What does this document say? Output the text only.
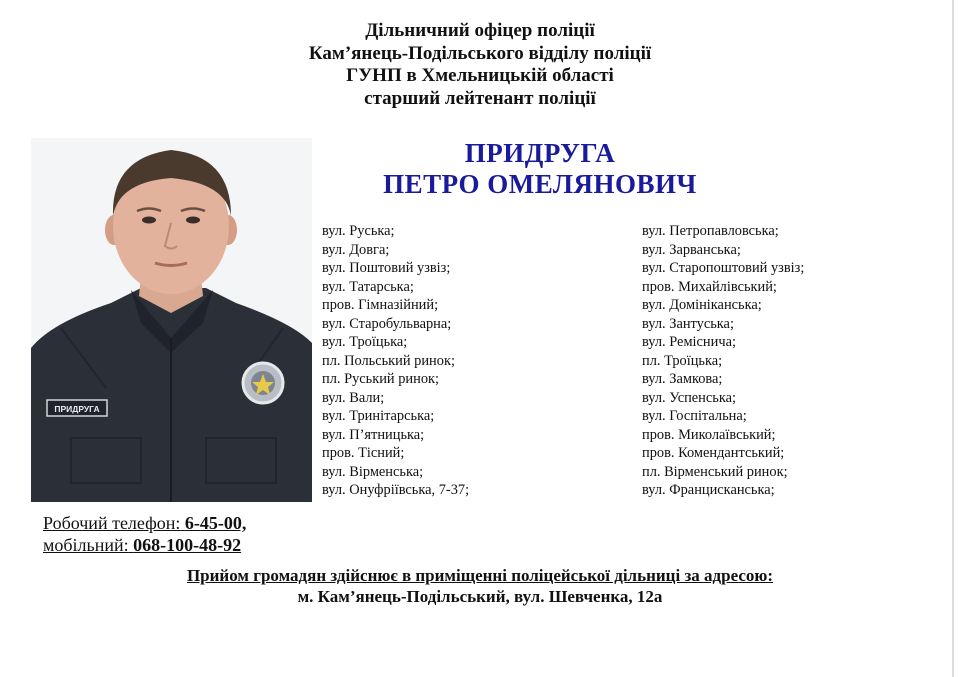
Дільничний офіцер поліції
Кам’янець-Подільського відділу поліції
ГУНП в Хмельницькій області
старший лейтенант поліції
ПРИДРУГА
ПЕТРО ОМЕЛЯНОВИЧ
ПРИДРУГА
вул. Руська;
вул. Довга;
вул. Поштовий узвіз;
вул. Татарська;
пров. Гімназійний;
вул. Старобульварна;
вул. Троїцька;
пл. Польський ринок;
пл. Руський ринок;
вул. Вали;
вул. Тринітарська;
вул. П’ятницька;
пров. Тісний;
вул. Вірменська;
вул. Онуфріївська, 7-37;
вул. Петропавловська;
вул. Зарванська;
вул. Старопоштовий узвіз;
пров. Михайлівський;
вул. Домініканська;
вул. Зантуська;
вул. Реміснича;
пл. Троїцька;
вул. Замкова;
вул. Успенська;
вул. Госпітальна;
пров. Миколаївський;
пров. Комендантський;
пл. Вірменський ринок;
вул. Францисканська;
Робочий телефон: 6-45-00,
мобільний: 068-100-48-92
Прийом громадян здійснює в приміщенні поліцейської дільниці за адресою:
м. Кам’янець-Подільський, вул. Шевченка, 12а
